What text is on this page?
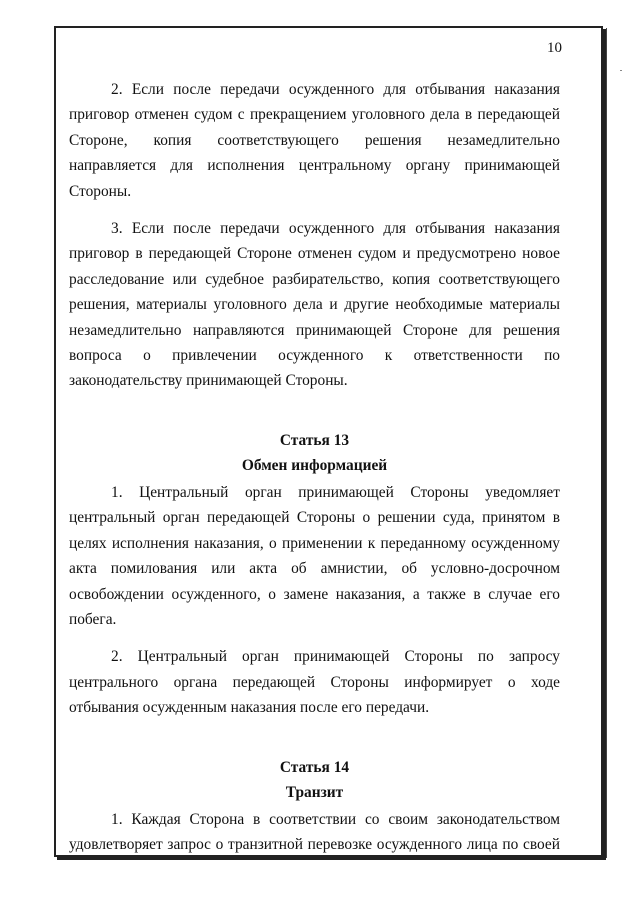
10

2. Если после передачи осужденного для отбывания наказания приговор отменен судом с прекращением уголовного дела в передающей Стороне, копия соответствующего решения незамедлительно направляется для исполнения центральному органу принимающей Стороны.

3. Если после передачи осужденного для отбывания наказания приговор в передающей Стороне отменен судом и предусмотрено новое расследование или судебное разбирательство, копия соответствующего решения, материалы уголовного дела и другие необходимые материалы незамедлительно направляются принимающей Стороне для решения вопроса о привлечении осужденного к ответственности по законодательству принимающей Стороны.

Статья 13

Обмен информацией

1. Центральный орган принимающей Стороны уведомляет центральный орган передающей Стороны о решении суда, принятом в целях исполнения наказания, о применении к переданному осужденному акта помилования или акта об амнистии, об условно-досрочном освобождении осужденного, о замене наказания, а также в случае его побега.

2. Центральный орган принимающей Стороны по запросу центрального органа передающей Стороны информирует о ходе отбывания осужденным наказания после его передачи.

Статья 14

Транзит

1. Каждая Сторона в соответствии со своим законодательством удовлетворяет запрос о транзитной перевозке осужденного лица по своей
